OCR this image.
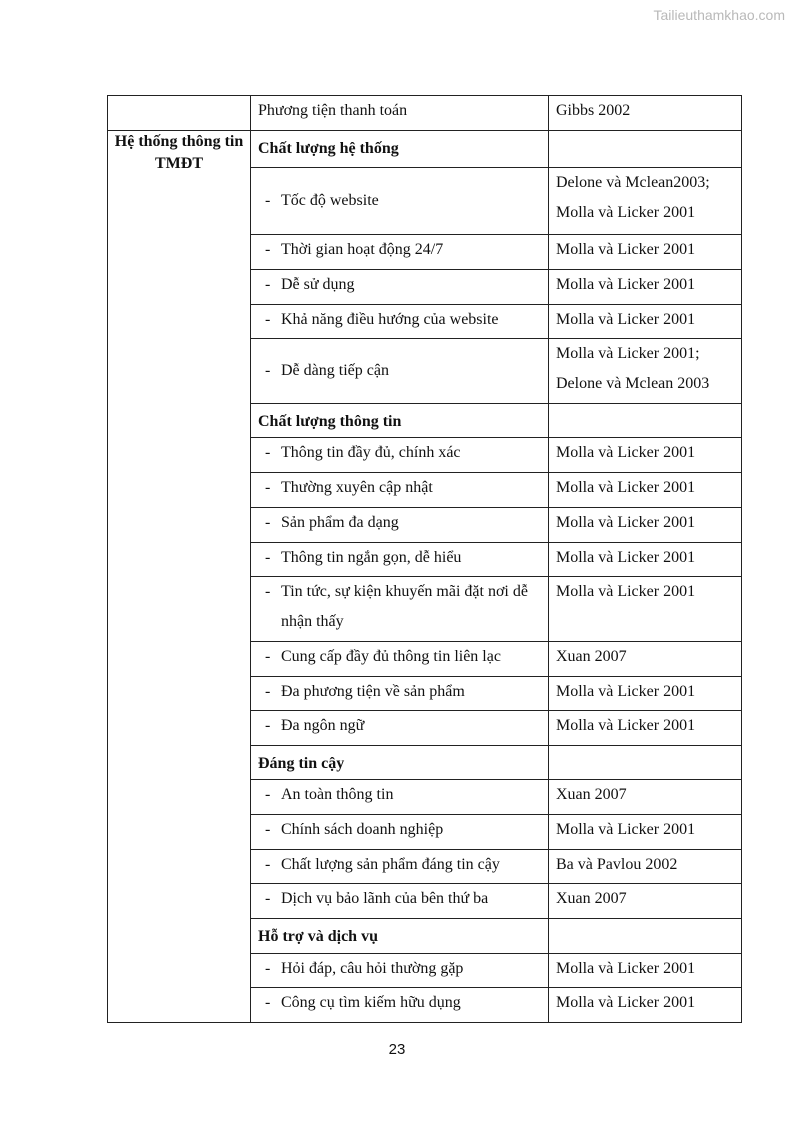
Tailieuthamkhao.com
	Phương tiện thanh toán	Gibbs 2002
Hệ thống thông tin TMĐT	Chất lượng hệ thống	

	- Tốc độ website	Delone và Mclean2003; Molla và Licker 2001

	- Thời gian hoạt động 24/7	Molla và Licker 2001

	- Dễ sử dụng	Molla và Licker 2001

	- Khả năng điều hướng của website	Molla và Licker 2001

	- Dễ dàng tiếp cận	Molla và Licker 2001; Delone và Mclean 2003

	Chất lượng thông tin	

	- Thông tin đầy đủ, chính xác	Molla và Licker 2001

	- Thường xuyên cập nhật	Molla và Licker 2001

	- Sản phẩm đa dạng	Molla và Licker 2001

	- Thông tin ngắn gọn, dễ hiểu	Molla và Licker 2001

	- Tin tức, sự kiện khuyến mãi đặt nơi dễ nhận thấy	Molla và Licker 2001

	- Cung cấp đầy đủ thông tin liên lạc	Xuan 2007

	- Đa phương tiện về sản phẩm	Molla và Licker 2001

	- Đa ngôn ngữ	Molla và Licker 2001

	Đáng tin cậy	

	- An toàn thông tin	Xuan 2007

	- Chính sách doanh nghiệp	Molla và Licker 2001

	- Chất lượng sản phẩm đáng tin cậy	Ba và Pavlou 2002

	- Dịch vụ bảo lãnh của bên thứ ba	Xuan 2007

	Hỗ trợ và dịch vụ	

	- Hỏi đáp, câu hỏi thường gặp	Molla và Licker 2001

	- Công cụ tìm kiếm hữu dụng	Molla và Licker 2001
23
